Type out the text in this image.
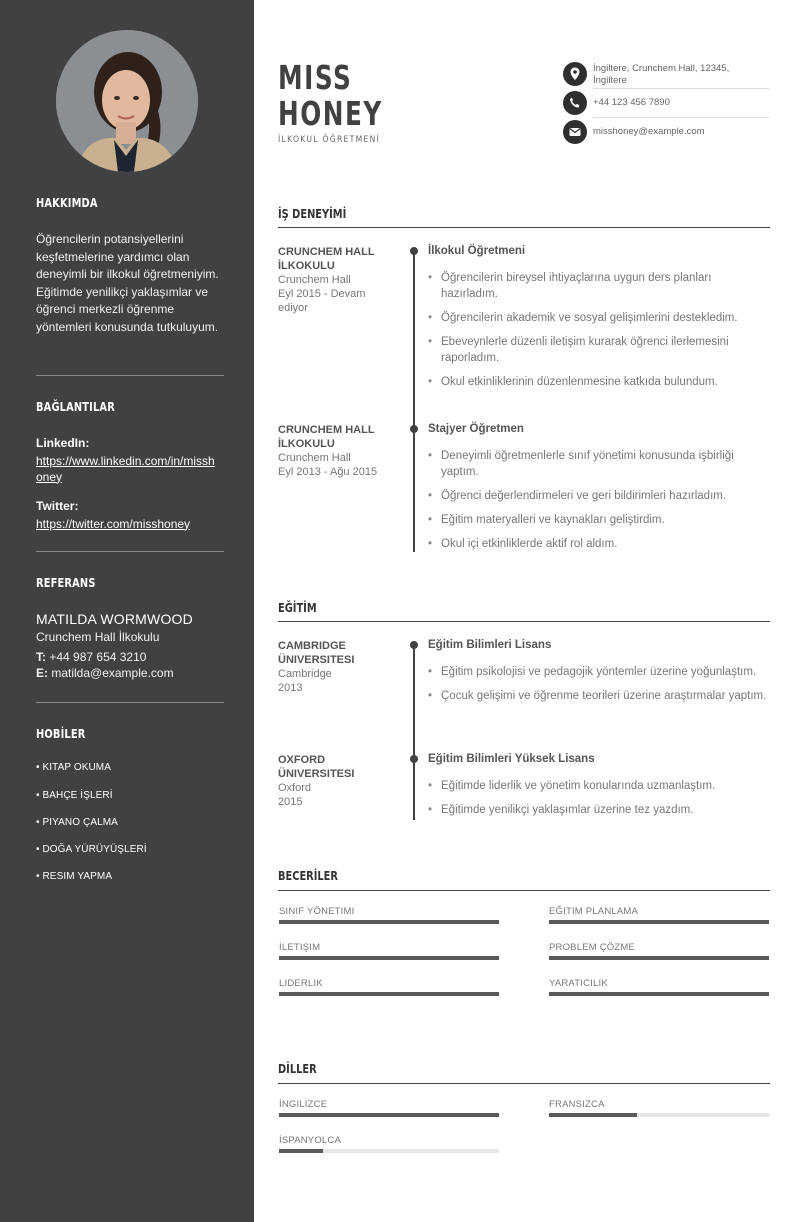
HAKKIMDA
Öğrencilerin potansiyellerini keşfetmelerine yardımcı olan deneyimli bir ilkokul öğretmeniyim. Eğitimde yenilikçi yaklaşımlar ve öğrenci merkezli öğrenme yöntemleri konusunda tutkuluyum.
BAĞLANTILAR
LinkedIn:
https://www.linkedin.com/in/misshoney
Twitter:
https://twitter.com/misshoney
REFERANS
MATILDA WORMWOOD
Crunchem Hall İlkokulu
T: +44 987 654 3210
E: matilda@example.com
HOBİLER
• KITAP OKUMA
• BAHÇE İŞLERİ
• PIYANO ÇALMA
• DOĞA YÜRÜYÜŞLERİ
• RESIM YAPMA
MISS
HONEY
İLKOKUL ÖĞRETMENİ
İngiltere, Crunchem Hall, 12345, İngiltere
+44 123 456 7890
misshoney@example.com
İŞ DENEYİMİ
CRUNCHEM HALL İLKOKULU
Crunchem Hall
Eyl 2015 - Devam ediyor
İlkokul Öğretmeni
• Öğrencilerin bireysel ihtiyaçlarına uygun ders planları hazırladım.
• Öğrencilerin akademik ve sosyal gelişimlerini destekledim.
• Ebeveynlerle düzenli iletişim kurarak öğrenci ilerlemesini raporladım.
• Okul etkinliklerinin düzenlenmesine katkıda bulundum.
CRUNCHEM HALL İLKOKULU
Crunchem Hall
Eyl 2013 - Ağu 2015
Stajyer Öğretmen
• Deneyimli öğretmenlerle sınıf yönetimi konusunda işbirliği yaptım.
• Öğrenci değerlendirmeleri ve geri bildirimleri hazırladım.
• Eğitim materyalleri ve kaynakları geliştirdim.
• Okul içi etkinliklerde aktif rol aldım.
EĞİTİM
CAMBRIDGE ÜNIVERSITESI
Cambridge
2013
Eğitim Bilimleri Lisans
• Eğitim psikolojisi ve pedagojik yöntemler üzerine yoğunlaştım.
• Çocuk gelişimi ve öğrenme teorileri üzerine araştırmalar yaptım.
OXFORD ÜNIVERSITESI
Oxford
2015
Eğitim Bilimleri Yüksek Lisans
• Eğitimde liderlik ve yönetim konularında uzmanlaştım.
• Eğitimde yenilikçi yaklaşımlar üzerine tez yazdım.
BECERİLER
SINIF YÖNETIMI	EĞITIM PLANLAMA
İLETIŞIM	PROBLEM ÇÖZME
LIDERLIK	YARATICILIK
DİLLER
İNGILIZCE	FRANSIZCA
İSPANYOLCA
